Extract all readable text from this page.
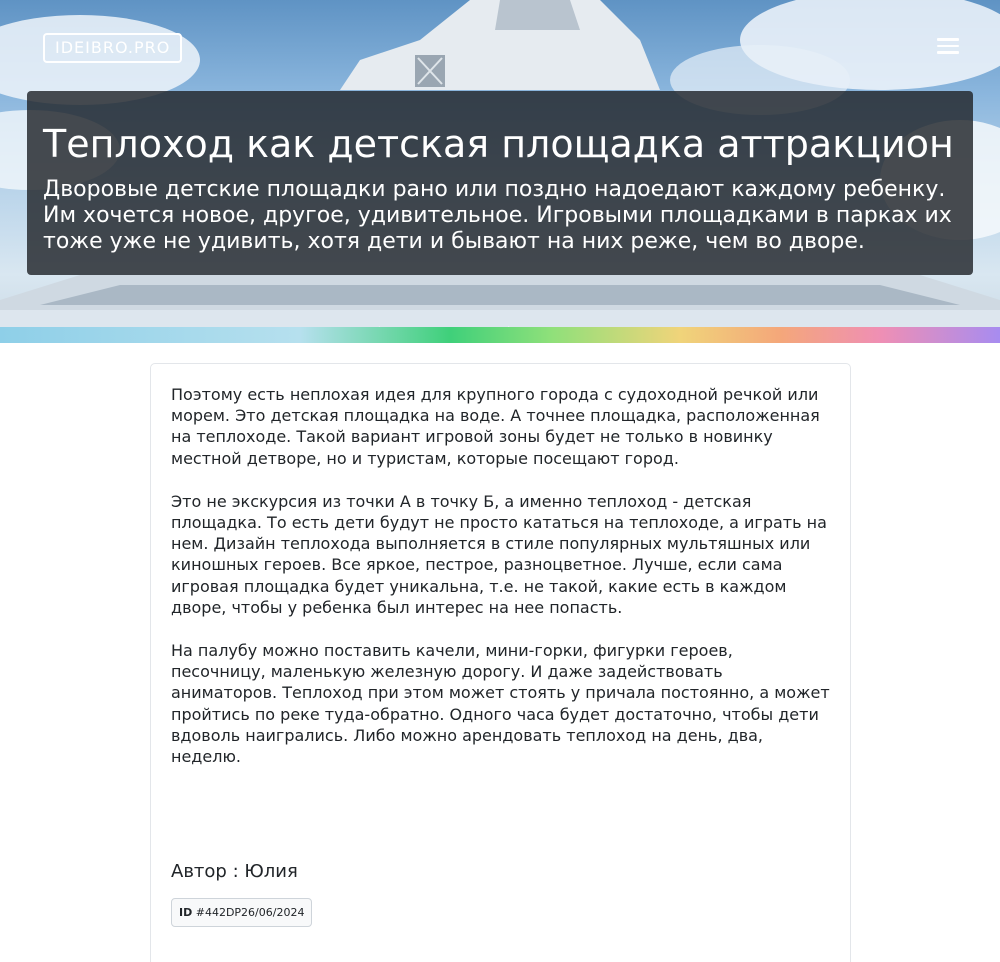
IDEIBRO.PRO
Теплоход как детская площадка аттракцион

Дворовые детские площадки рано или поздно надоедают каждому ребенку. Им хочется новое, другое, удивительное. Игровыми площадками в парках их тоже уже не удивить, хотя дети и бывают на них реже, чем во дворе.

Поэтому есть неплохая идея для крупного города с судоходной речкой или морем. Это детская площадка на воде. А точнее площадка, расположенная на теплоходе. Такой вариант игровой зоны будет не только в новинку местной детворе, но и туристам, которые посещают город.

Это не экскурсия из точки А в точку Б, а именно теплоход - детская площадка. То есть дети будут не просто кататься на теплоходе, а играть на нем. Дизайн теплохода выполняется в стиле популярных мультяшных или киношных героев. Все яркое, пестрое, разноцветное. Лучше, если сама игровая площадка будет уникальна, т.е. не такой, какие есть в каждом дворе, чтобы у ребенка был интерес на нее попасть.

На палубу можно поставить качели, мини-горки, фигурки героев, песочницу, маленькую железную дорогу. И даже задействовать аниматоров. Теплоход при этом может стоять у причала постоянно, а может пройтись по реке туда-обратно. Одного часа будет достаточно, чтобы дети вдоволь наигрались. Либо можно арендовать теплоход на день, два, неделю.

Автор : Юлия
ID #442DP26/06/2024
